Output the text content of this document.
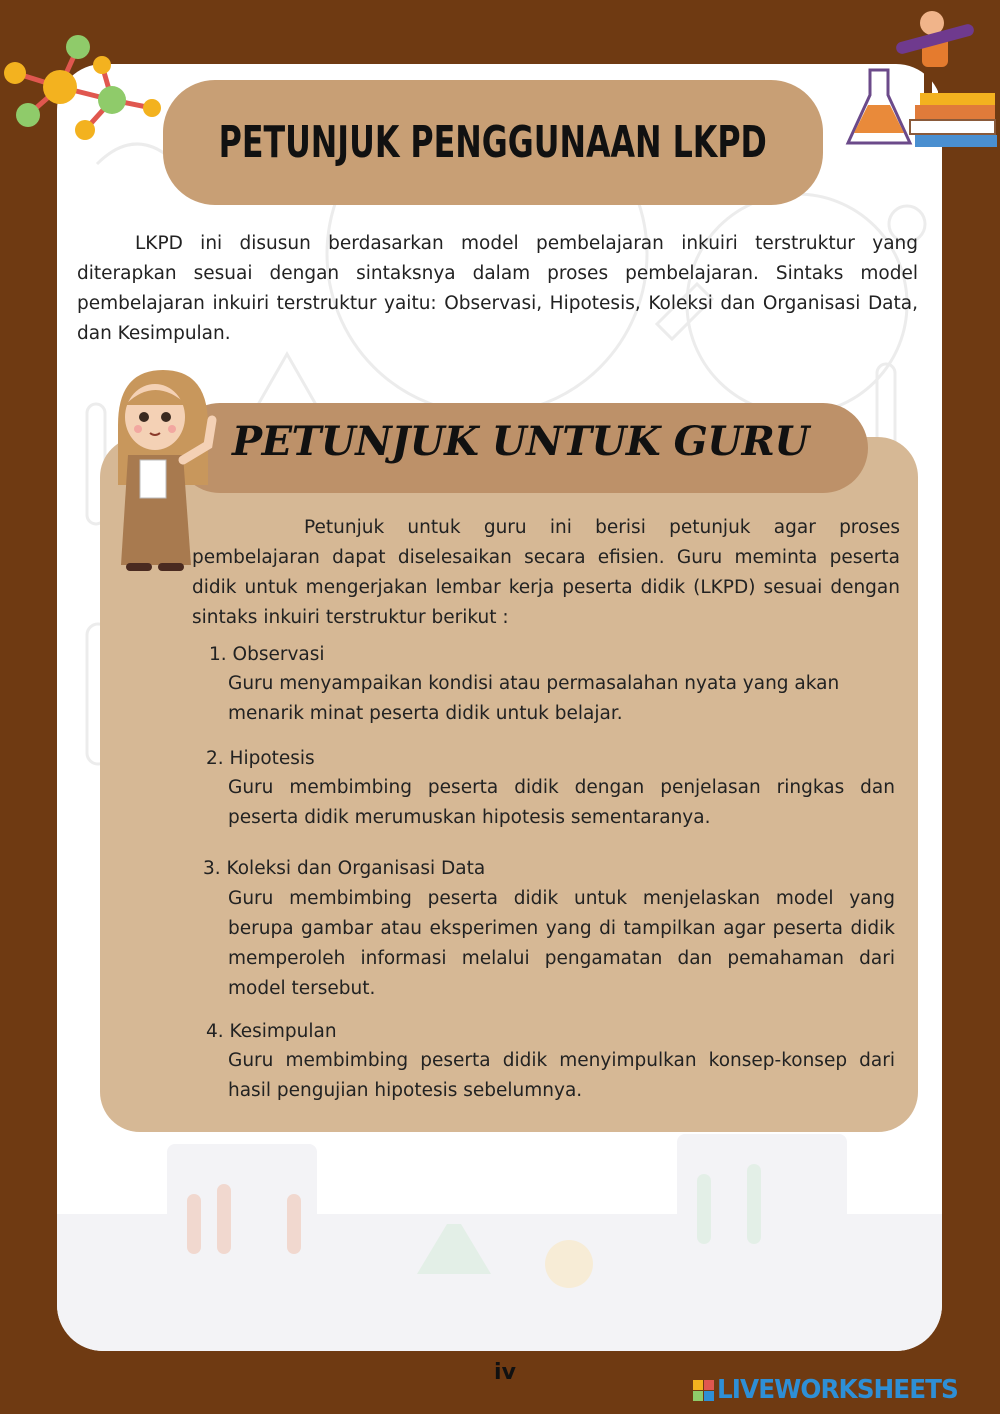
PETUNJUK PENGGUNAAN LKPD

LKPD ini disusun berdasarkan model pembelajaran inkuiri terstruktur yang diterapkan sesuai dengan sintaksnya dalam proses pembelajaran. Sintaks model pembelajaran inkuiri terstruktur yaitu: Observasi, Hipotesis, Koleksi dan Organisasi Data, dan Kesimpulan.

PETUNJUK UNTUK GURU

Petunjuk untuk guru ini berisi petunjuk agar proses pembelajaran dapat diselesaikan secara efisien. Guru meminta peserta didik untuk mengerjakan lembar kerja peserta didik (LKPD) sesuai dengan sintaks inkuiri terstruktur berikut :

1. Observasi

Guru menyampaikan kondisi atau permasalahan nyata yang akan menarik minat peserta didik untuk belajar.

2. Hipotesis

Guru membimbing peserta didik dengan penjelasan ringkas dan peserta didik merumuskan hipotesis sementaranya.

3. Koleksi dan Organisasi Data

Guru membimbing peserta didik untuk menjelaskan model yang berupa gambar atau eksperimen yang di tampilkan agar peserta didik memperoleh informasi melalui pengamatan dan pemahaman dari model tersebut.

4. Kesimpulan

Guru membimbing peserta didik menyimpulkan konsep-konsep dari hasil pengujian hipotesis sebelumnya.

iv
LIVEWORKSHEETS
